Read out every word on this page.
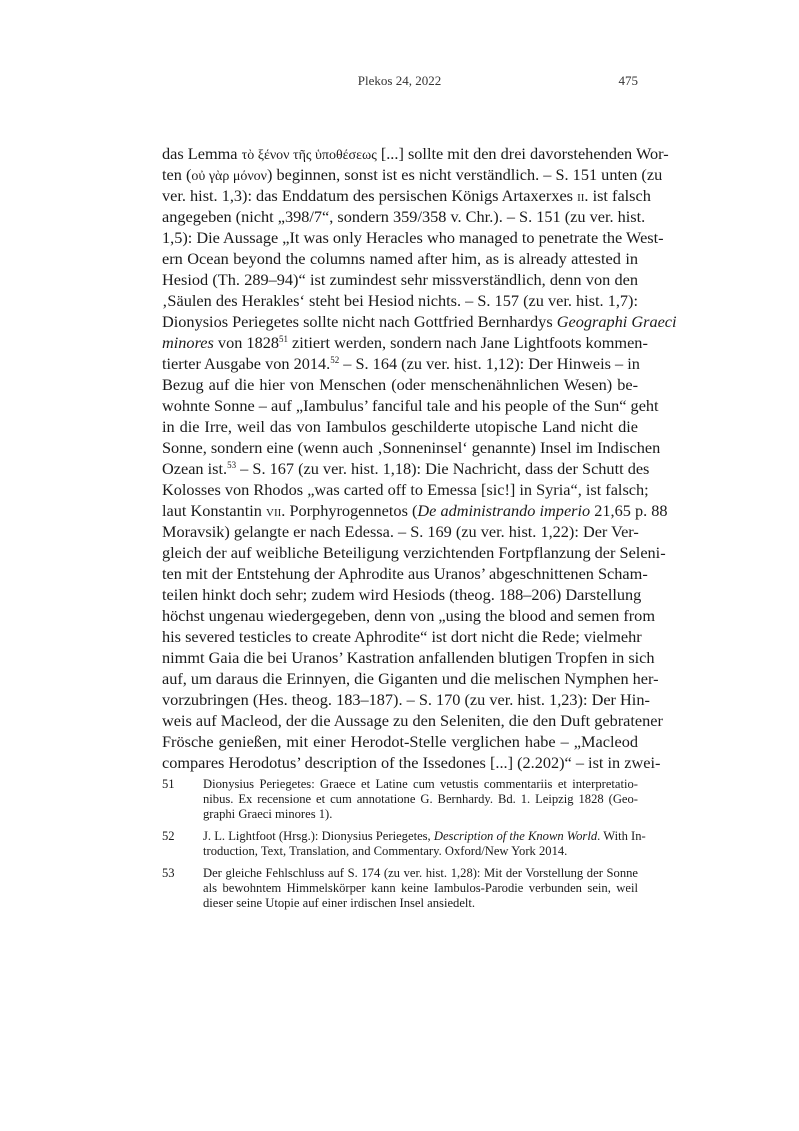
Plekos 24, 2022	475
das Lemma τὸ ξένον τῆς ὑποθέσεως [...] sollte mit den drei davorstehenden Wor-
ten (οὐ γὰρ μόνον) beginnen, sonst ist es nicht verständlich. – S. 151 unten (zu
ver. hist. 1,3): das Enddatum des persischen Königs Artaxerxes ii. ist falsch
angegeben (nicht „398/7“, sondern 359/358 v. Chr.). – S. 151 (zu ver. hist.
1,5): Die Aussage „It was only Heracles who managed to penetrate the West-
ern Ocean beyond the columns named after him, as is already attested in
Hesiod (Th. 289–94)“ ist zumindest sehr missverständlich, denn von den
‚Säulen des Herakles‘ steht bei Hesiod nichts. – S. 157 (zu ver. hist. 1,7):
Dionysios Periegetes sollte nicht nach Gottfried Bernhardys Geographi Graeci
minores von 1828$^{51}$ zitiert werden, sondern nach Jane Lightfoots kommen-
tierter Ausgabe von 2014.52 – S. 164 (zu ver. hist. 1,12): Der Hinweis – in
Bezug auf die hier von Menschen (oder menschenähnlichen Wesen) be-
wohnte Sonne – auf „Iambulus’ fanciful tale and his people of the Sun“ geht
in die Irre, weil das von Iambulos geschilderte utopische Land nicht die
Sonne, sondern eine (wenn auch ‚Sonneninsel‘ genannte) Insel im Indischen
Ozean ist.$^{53}$ – S. 167 (zu ver. hist. 1,18): Die Nachricht, dass der Schutt des
Kolosses von Rhodos „was carted off to Emessa [sic!] in Syria“, ist falsch;
laut Konstantin vii. Porphyrogennetos (De administrando imperio 21,65 p. 88
Moravsik) gelangte er nach Edessa. – S. 169 (zu ver. hist. 1,22): Der Ver-
gleich der auf weibliche Beteiligung verzichtenden Fortpflanzung der Seleni-
ten mit der Entstehung der Aphrodite aus Uranos’ abgeschnittenen Scham-
teilen hinkt doch sehr; zudem wird Hesiods (theog. 188–206) Darstellung
höchst ungenau wiedergegeben, denn von „using the blood and semen from
his severed testicles to create Aphrodite“ ist dort nicht die Rede; vielmehr
nimmt Gaia die bei Uranos’ Kastration anfallenden blutigen Tropfen in sich
auf, um daraus die Erinnyen, die Giganten und die melischen Nymphen her-
vorzubringen (Hes. theog. 183–187). – S. 170 (zu ver. hist. 1,23): Der Hin-
weis auf Macleod, der die Aussage zu den Seleniten, die den Duft gebratener
Frösche genießen, mit einer Herodot-Stelle verglichen habe – „Macleod
compares Herodotus’ description of the Issedones [...] (2.202)“ – ist in zwei-
51 Dionysius Periegetes: Graece et Latine cum vetustis commentariis et interpretatio-
nibus. Ex recensione et cum annotatione G. Bernhardy. Bd. 1. Leipzig 1828 (Geo-
graphi Graeci minores 1).
52 J. L. Lightfoot (Hrsg.): Dionysius Periegetes, Description of the Known World. With In-
troduction, Text, Translation, and Commentary. Oxford/New York 2014.
53 Der gleiche Fehlschluss auf S. 174 (zu ver. hist. 1,28): Mit der Vorstellung der Sonne
als bewohntem Himmelskörper kann keine Iambulos-Parodie verbunden sein, weil
dieser seine Utopie auf einer irdischen Insel ansiedelt.
